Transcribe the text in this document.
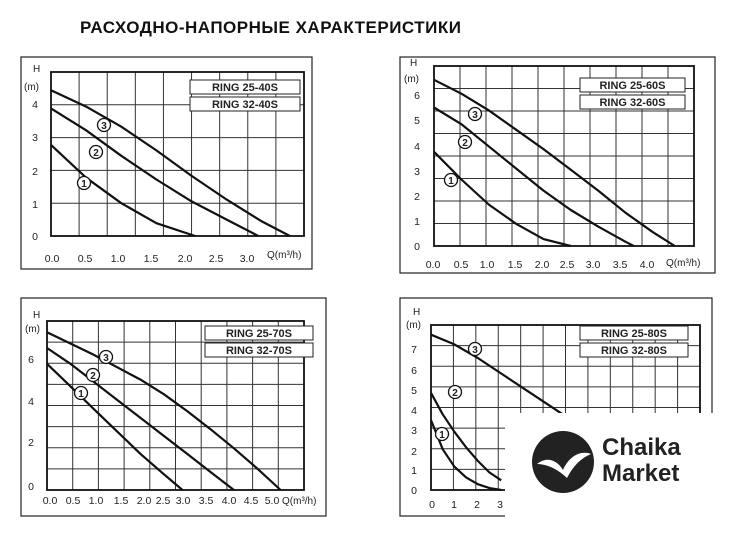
РАСХОДНО-НАПОРНЫЕ ХАРАКТЕРИСТИКИ
H
(m)
Q(m³/h)
0.0 0.5 1.0 1.5 2.0 2.5 3.0
0
1
2
3
4
RING 25-40S
RING 32-40S
1
2
3
H
(m)
Q(m³/h)
0.0 0.5 1.0 1.5 2.0 2.5 3.0 3.5 4.0
0
1
2
3
4
5
6
RING 25-60S
RING 32-60S
1
2
3
H
(m)
Q(m³/h)
0.0 0.5 1.0 1.5 2.0 2.5 3.0 3.5 4.0 4.5 5.0
0
2
4
6
RING 25-70S
RING 32-70S
1
2
3
H
(m)
0 1 2 3
0
1
2
3
4
5
6
7
RING 25-80S
RING 32-80S
1
2
3
Chaika
Market
